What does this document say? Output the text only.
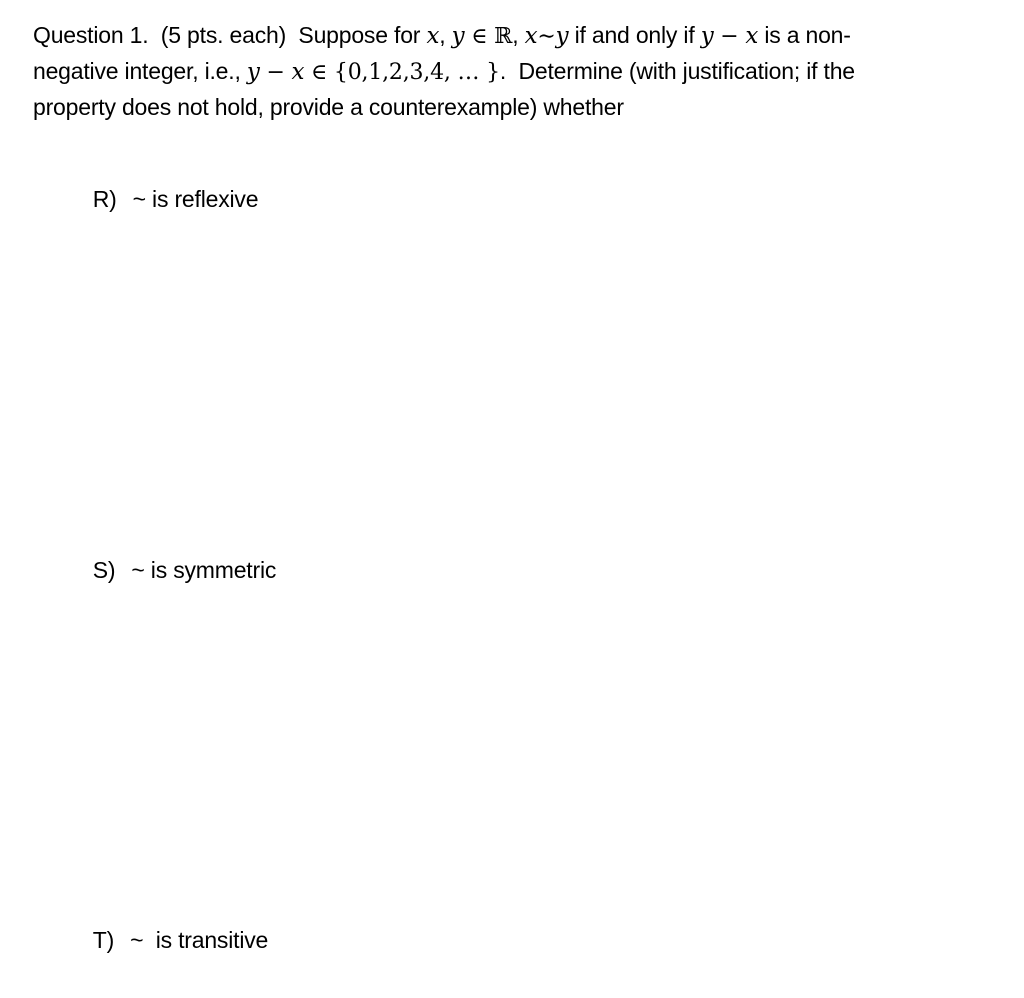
Question 1.  (5 pts. each)  Suppose for x, y ∈ ℝ, x∼y if and only if y − x is a non-
negative integer, i.e., y − x ∈ {0,1,2,3,4, … }.  Determine (with justification; if the
property does not hold, provide a counterexample) whether

R) ~ is reflexive

S) ~ is symmetric

T) ~  is transitive
